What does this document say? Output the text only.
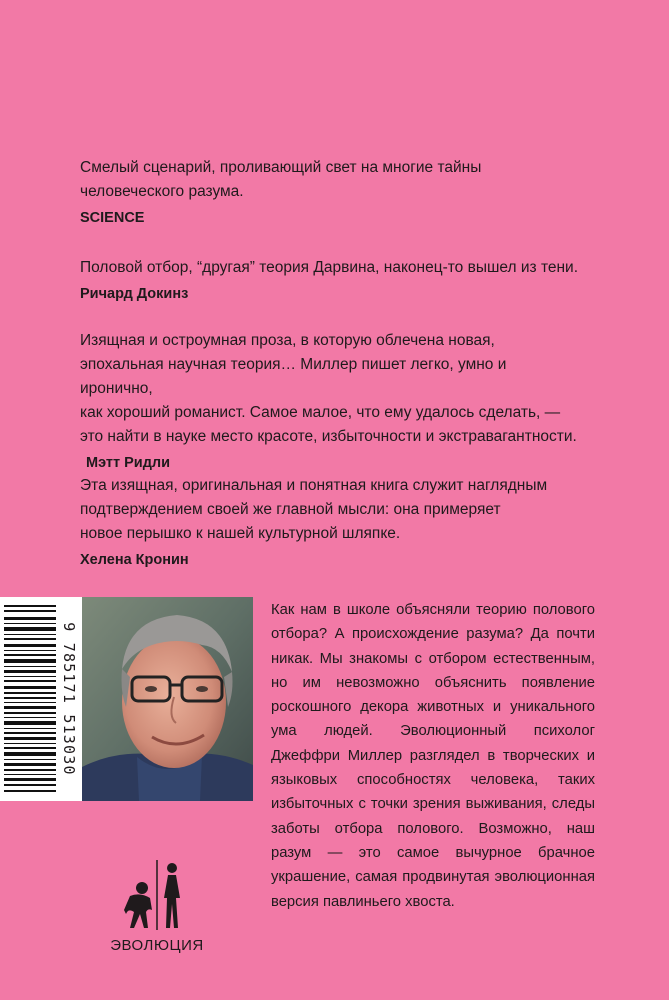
Смелый сценарий, проливающий свет на многие тайны

человеческого разума.

SCIENCE

Половой отбор, “другая” теория Дарвина, наконец-то вышел из тени.

Ричард Докинз

Изящная и остроумная проза, в которую облечена новая,

эпохальная научная теория… Миллер пишет легко, умно и иронично,

как хороший романист. Самое малое, что ему удалось сделать, —

это найти в науке место красоте, избыточности и экстравагантности.

Мэтт Ридли

Эта изящная, оригинальная и понятная книга служит наглядным

подтверждением своей же главной мысли: она примеряет

новое перышко к нашей культурной шляпке.

Хелена Кронин

9 785171 513030

Как нам в школе объясняли теорию полового отбора? А происхождение разума? Да почти никак. Мы знакомы с отбором естественным, но им невозможно объяснить появление роскошного декора животных и уникального ума людей. Эволюционный психолог Джеффри Миллер разглядел в творческих и языковых способностях человека, таких избыточных с точки зрения выживания, следы заботы отбора полового. Возможно, наш разум — это самое вычурное брачное украшение, самая продвинутая эволюционная версия павлиньего хвоста.

ЭВОЛЮЦИЯ
